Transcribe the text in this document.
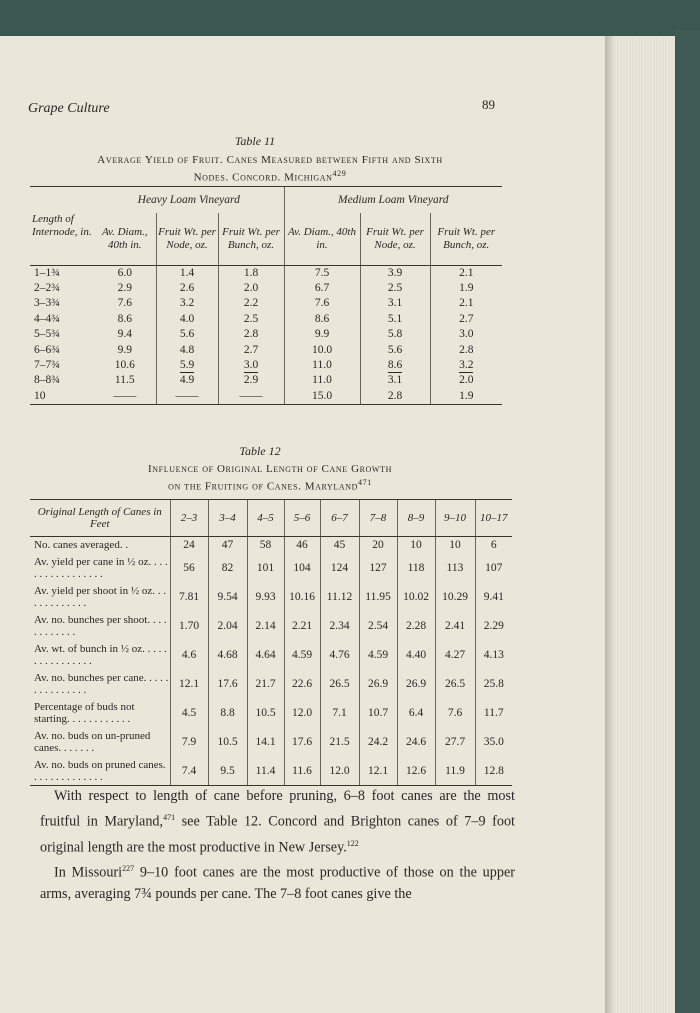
Grape Culture	89
Table 11
Average Yield of Fruit. Canes Measured between Fifth and Sixth
Nodes. Concord. Michigan$^{429}$
Length of Internode, in.	Heavy Loam Vineyard			Medium Loam Vineyard		
	Av. Diam., 40th in.	Fruit Wt. per Node, oz.	Fruit Wt. per Bunch, oz.	Av. Diam., 40th in.	Fruit Wt. per Node, oz.	Fruit Wt. per Bunch, oz.
1–1¾	6.0	1.4	1.8	7.5	3.9	2.1
2–2¾	2.9	2.6	2.0	6.7	2.5	1.9
3–3¾	7.6	3.2	2.2	7.6	3.1	2.1
4–4¾	8.6	4.0	2.5	8.6	5.1	2.7
5–5¾	9.4	5.6	2.8	9.9	5.8	3.0
6–6¾	9.9	4.8	2.7	10.0	5.6	2.8
7–7¾	10.6	5.9	3.0	11.0	8.6	3.2
8–8¾	11.5	4.9	2.9	11.0	3.1	2.0
10	——	——	——	15.0	2.8	1.9
Table 12
Influence of Original Length of Cane Growth
on the Fruiting of Canes. Maryland$^{471}$
Original Length of Canes in Feet	2–3	3–4	4–5	5–6	6–7	7–8	8–9	9–10	10–17
No. canes averaged. .	24	47	58	46	45	20	10	10	6
Av. yield per cane in ½ oz. . . . . . . . . . . . . . . . .	56	82	101	104	124	127	118	113	107
Av. yield per shoot in ½ oz. . . . . . . . . . . . .	7.81	9.54	9.93	10.16	11.12	11.95	10.02	10.29	9.41
Av. no. bunches per shoot. . . . . . . . . . . .	1.70	2.04	2.14	2.21	2.34	2.54	2.28	2.41	2.29
Av. wt. of bunch in ½ oz. . . . . . . . . . . . . . . .	4.6	4.68	4.64	4.59	4.76	4.59	4.40	4.27	4.13
Av. no. bunches per cane. . . . . . . . . . . . . . .	12.1	17.6	21.7	22.6	26.5	26.9	26.9	26.5	25.8
Percentage of buds not starting. . . . . . . . . . . .	4.5	8.8	10.5	12.0	7.1	10.7	6.4	7.6	11.7
Av. no. buds on un-pruned canes. . . . . . .	7.9	10.5	14.1	17.6	21.5	24.2	24.6	27.7	35.0
Av. no. buds on pruned canes. . . . . . . . . . . . . .	7.4	9.5	11.4	11.6	12.0	12.1	12.6	11.9	12.8

With respect to length of cane before pruning, 6–8 foot canes are the most fruitful in Maryland,$^{471}$ see Table 12. Concord and Brighton canes of 7–9 foot original length are the most productive in New Jersey.$^{122}$

In Missouri$^{227}$ 9–10 foot canes are the most productive of those on the upper arms, averaging 7¾ pounds per cane. The 7–8 foot canes give the
